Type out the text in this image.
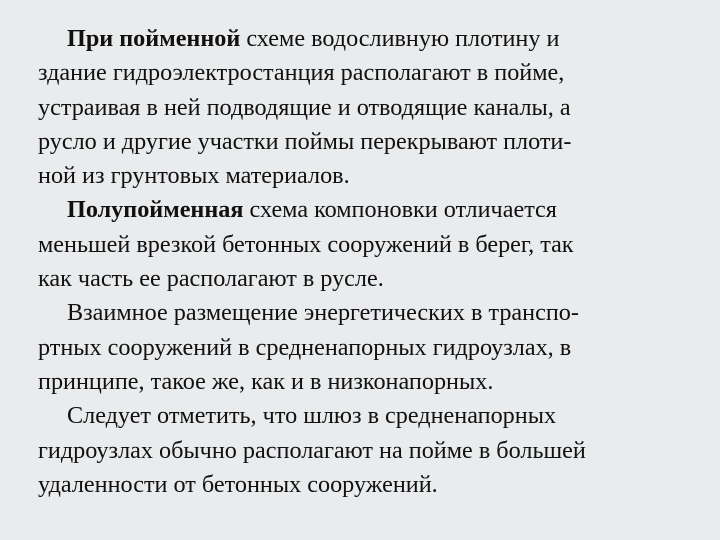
При пойменной схеме водосливную плотину и
здание гидроэлектростанция располагают в пойме,
устраивая в ней подводящие и отводящие каналы, а
русло и другие участки поймы перекрывают плоти-
ной из грунтовых материалов.
Полупойменная схема компоновки отличается
меньшей врезкой бетонных сооружений в берег, так
как часть ее располагают в русле.
Взаимное размещение энергетических в транспо-
ртных сооружений в средненапорных гидроузлах, в
принципе, такое же, как и в низконапорных.
Следует отметить, что шлюз в средненапорных
гидроузлах обычно располагают на пойме в большей
удаленности от бетонных сооружений.
